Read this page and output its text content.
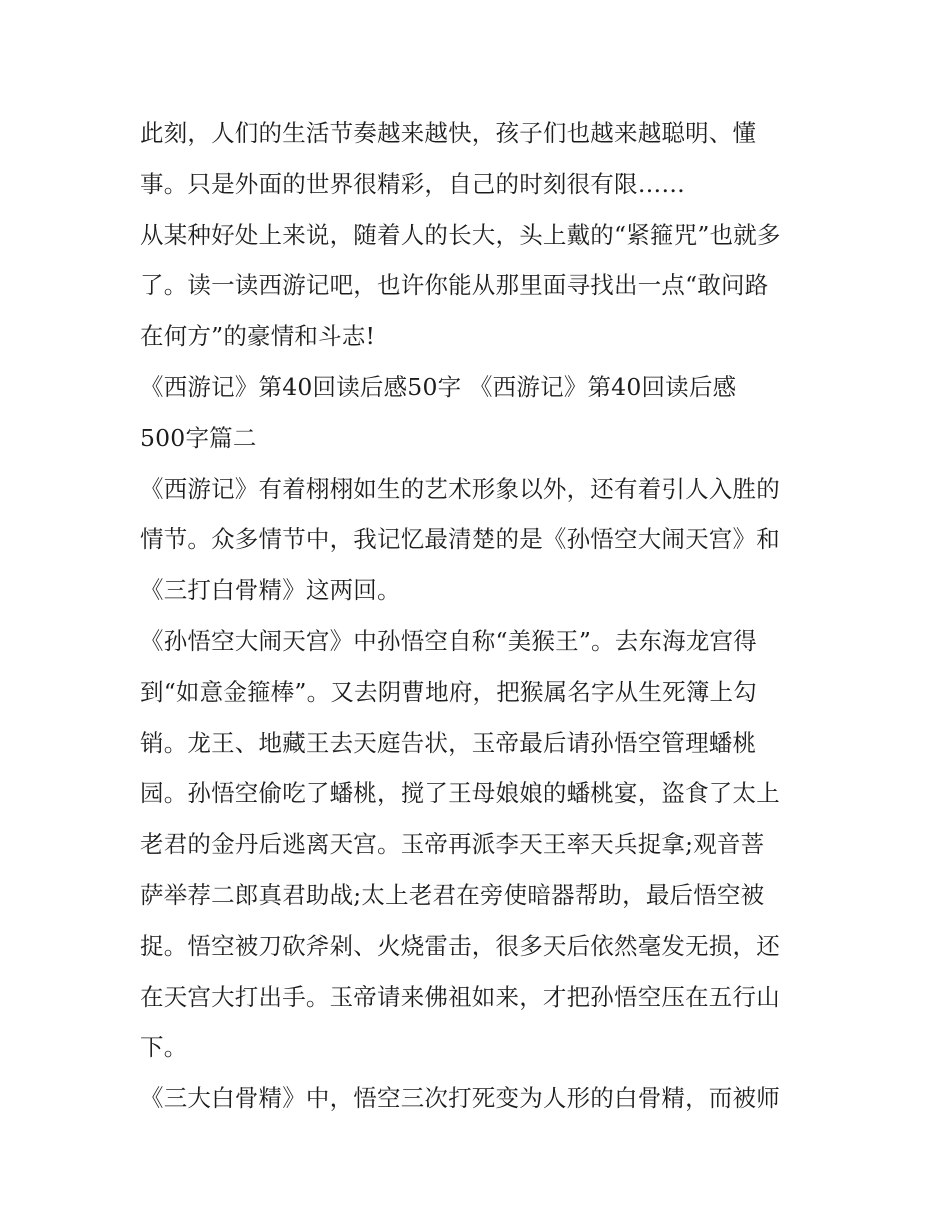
此刻，人们的生活节奏越来越快，孩子们也越来越聪明、懂
事。只是外面的世界很精彩，自己的时刻很有限……
从某种好处上来说，随着人的长大，头上戴的“紧箍咒”也就多
了。读一读西游记吧，也许你能从那里面寻找出一点“敢问路
在何方”的豪情和斗志!
《西游记》第40回读后感50字 《西游记》第40回读后感
500字篇二
《西游记》有着栩栩如生的艺术形象以外，还有着引人入胜的
情节。众多情节中，我记忆最清楚的是《孙悟空大闹天宫》和
《三打白骨精》这两回。
《孙悟空大闹天宫》中孙悟空自称“美猴王”。去东海龙宫得
到“如意金箍棒”。又去阴曹地府，把猴属名字从生死簿上勾
销。龙王、地藏王去天庭告状，玉帝最后请孙悟空管理蟠桃
园。孙悟空偷吃了蟠桃，搅了王母娘娘的蟠桃宴，盗食了太上
老君的金丹后逃离天宫。玉帝再派李天王率天兵捉拿;观音菩
萨举荐二郎真君助战;太上老君在旁使暗器帮助，最后悟空被
捉。悟空被刀砍斧剁、火烧雷击，很多天后依然毫发无损，还
在天宫大打出手。玉帝请来佛祖如来，才把孙悟空压在五行山
下。
《三大白骨精》中，悟空三次打死变为人形的白骨精，而被师
